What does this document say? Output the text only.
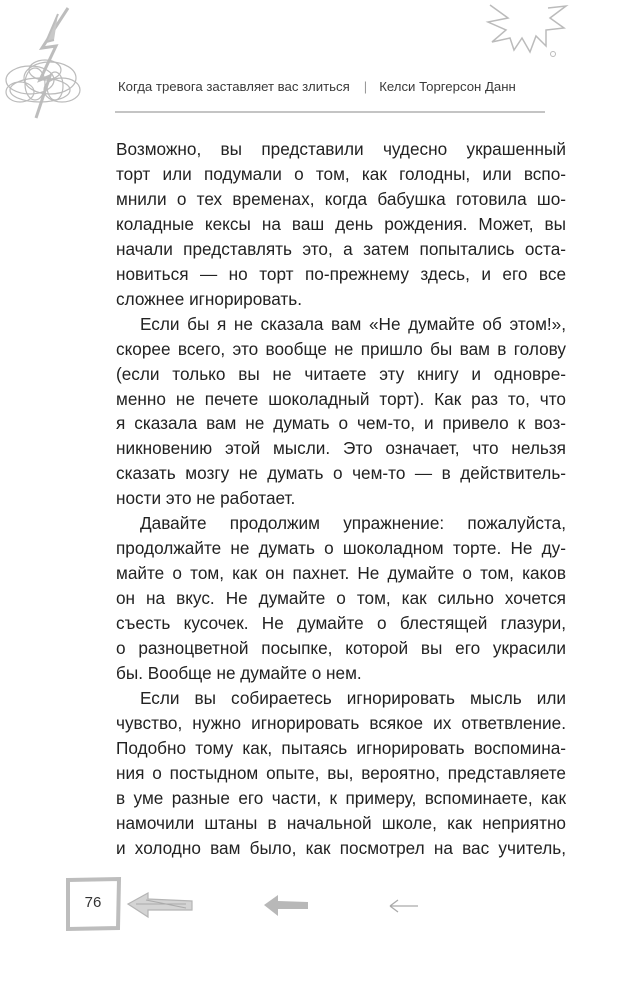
Когда тревога заставляет вас злиться | Келси Торгерсон Данн
Возможно, вы представили чудесно украшенный
торт или подумали о том, как голодны, или вспо-
мнили о тех временах, когда бабушка готовила шо-
коладные кексы на ваш день рождения. Может, вы
начали представлять это, а затем попытались оста-
новиться — но торт по-прежнему здесь, и его все
сложнее игнорировать.
Если бы я не сказала вам «Не думайте об этом!»,
скорее всего, это вообще не пришло бы вам в голову
(если только вы не читаете эту книгу и одновре-
менно не печете шоколадный торт). Как раз то, что
я сказала вам не думать о чем-то, и привело к воз-
никновению этой мысли. Это означает, что нельзя
сказать мозгу не думать о чем-то — в действитель-
ности это не работает.
Давайте продолжим упражнение: пожалуйста,
продолжайте не думать о шоколадном торте. Не ду-
майте о том, как он пахнет. Не думайте о том, каков
он на вкус. Не думайте о том, как сильно хочется
съесть кусочек. Не думайте о блестящей глазури,
о разноцветной посыпке, которой вы его украсили
бы. Вообще не думайте о нем.
Если вы собираетесь игнорировать мысль или
чувство, нужно игнорировать всякое их ответвление.
Подобно тому как, пытаясь игнорировать воспомина-
ния о постыдном опыте, вы, вероятно, представляете
в уме разные его части, к примеру, вспоминаете, как
намочили штаны в начальной школе, как неприятно
и холодно вам было, как посмотрел на вас учитель,
76
